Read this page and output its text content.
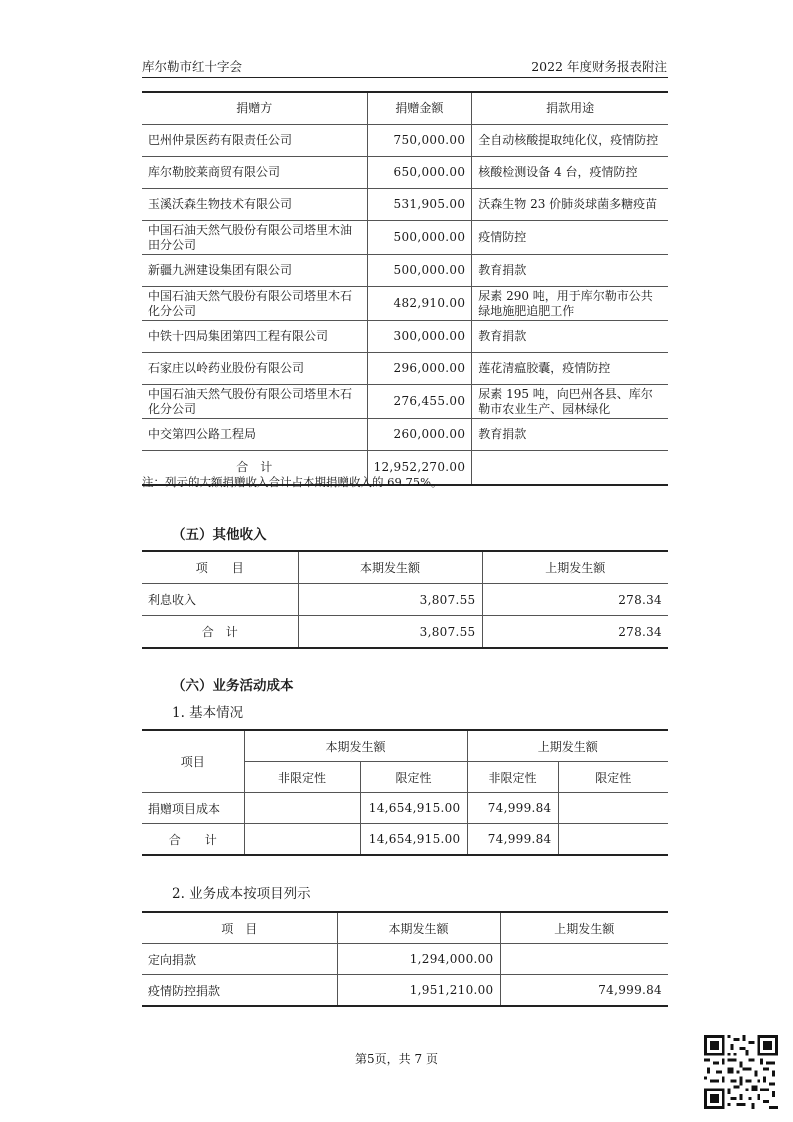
库尔勒市红十字会	2022 年度财务报表附注
捐赠方	捐赠金额	捐款用途
巴州仲景医药有限责任公司	750,000.00	全自动核酸提取纯化仪，疫情防控
库尔勒胶莱商贸有限公司	650,000.00	核酸检测设备 4 台，疫情防控
玉溪沃森生物技术有限公司	531,905.00	沃森生物 23 价肺炎球菌多糖疫苗
中国石油天然气股份有限公司塔里木油田分公司	500,000.00	疫情防控
新疆九洲建设集团有限公司	500,000.00	教育捐款
中国石油天然气股份有限公司塔里木石化分公司	482,910.00	尿素 290 吨，用于库尔勒市公共绿地施肥追肥工作
中铁十四局集团第四工程有限公司	300,000.00	教育捐款
石家庄以岭药业股份有限公司	296,000.00	莲花清瘟胶囊，疫情防控
中国石油天然气股份有限公司塔里木石化分公司	276,455.00	尿素 195 吨，向巴州各县、库尔勒市农业生产、园林绿化
中交第四公路工程局	260,000.00	教育捐款
合　计	12,952,270.00	
注：列示的大额捐赠收入合计占本期捐赠收入的 69.75%。
（五）其他收入
项　　目	本期发生额	上期发生额
利息收入	3,807.55	278.34
合　计	3,807.55	278.34
（六）业务活动成本
1. 基本情况
项目	本期发生额		上期发生额	
	非限定性	限定性	非限定性	限定性
捐赠项目成本		14,654,915.00	74,999.84	
合　　计		14,654,915.00	74,999.84	
2. 业务成本按项目列示
项　目	本期发生额	上期发生额
定向捐款	1,294,000.00	
疫情防控捐款	1,951,210.00	74,999.84
第5页，共 7 页
